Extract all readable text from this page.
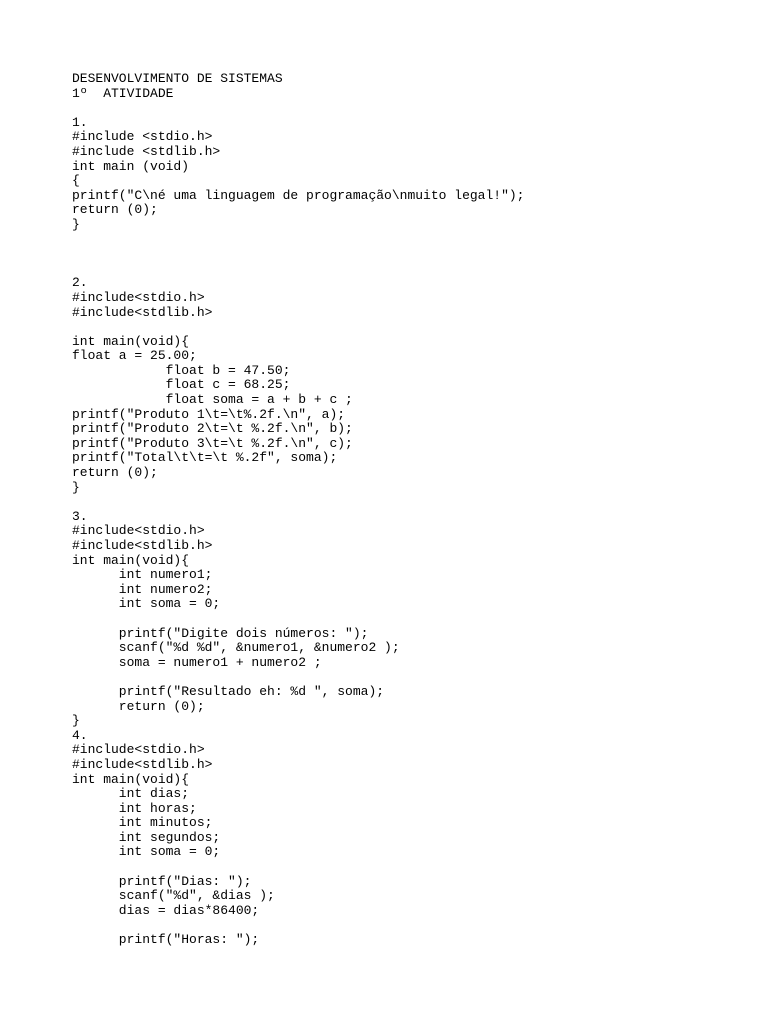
DESENVOLVIMENTO DE SISTEMAS
1º  ATIVIDADE
1.
#include <stdio.h>
#include <stdlib.h>
int main (void)
{
printf("C\né uma linguagem de programação\nmuito legal!");
return (0);
}
2.
#include<stdio.h>
#include<stdlib.h>
int main(void){
float a = 25.00;
float b = 47.50;
float c = 68.25;
float soma = a + b + c ;
printf("Produto 1\t=\t%.2f.\n", a);
printf("Produto 2\t=\t %.2f.\n", b);
printf("Produto 3\t=\t %.2f.\n", c);
printf("Total\t\t=\t %.2f", soma);
return (0);
}
3.
#include<stdio.h>
#include<stdlib.h>
int main(void){
int numero1;
int numero2;
int soma = 0;
printf("Digite dois números: ");
scanf("%d %d", &numero1, &numero2 );
soma = numero1 + numero2 ;
printf("Resultado eh: %d ", soma);
return (0);
}
4.
#include<stdio.h>
#include<stdlib.h>
int main(void){
int dias;
int horas;
int minutos;
int segundos;
int soma = 0;
printf("Dias: ");
scanf("%d", &dias );
dias = dias*86400;
printf("Horas: ");
